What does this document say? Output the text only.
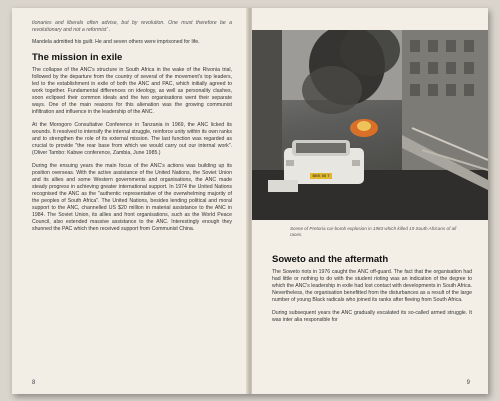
tionaries and liberals often advise, but by revolution. One must therefore be a revolutionary and not a reformist' .

Mandela admitted his guilt. He and seven others were imprisoned for life.

The mission in exile

The collapse of the ANC's structure in South Africa in the wake of the Rivonia trial, followed by the departure from the country of several of the movement's top leaders, led to the establishment in exile of both the ANC and PAC, which initially agreed to work together. Fundamental differences on ideology, as well as personality clashes, soon eclipsed their common ideals and the two organisations went their separate ways. One of the main reasons for this alienation was the growing communist infiltration and influence in the leadership of the ANC.

At the Morogoro Consultative Conference in Tanzania in 1969, the ANC licked its wounds. It resolved to intensify the internal struggle, reinforce unity within its own ranks and to strengthen the role of its external mission. The last function was regarded as crucial to provide "the rear base from which we would carry out our internal work". (Oliver Tambo: Kabwe conference, Zambia, June 1985.)

During the ensuing years the main focus of the ANC's actions was building up its position overseas. With the active assistance of the United Nations, the Soviet Union and its allies and some Western governments and organisations, the ANC made steady progress in achieving greater international support. In 1974 the United Nations recognised the ANC as the "authentic representative of the overwhelming majority of the peoples of South Africa". The United Nations, besides lending political and moral support to the ANC, channelled US $20 million in material assistance to the ANC in 1984. The Soviet Union, its allies and front organisations, such as the World Peace Council, also extended massive assistance to the ANC. Interestingly enough they shunned the PAC which then received support from Communist China.

8
BBS 55 T
Scene of Pretoria car-bomb explosion in 1983 which killed 19 South Africans of all races.
Soweto and the aftermath

The Soweto riots in 1976 caught the ANC off-guard. The fact that the organisation had had little or nothing to do with the student rioting was an indication of the degree to which the ANC's leadership in exile had lost contact with developments in South Africa. Nevertheless, the organisation benefitted from the disturbances as a result of the large number of young Black radicals who joined its ranks after fleeing from South Africa.

During subsequent years the ANC gradually escalated its so-called armed struggle. It was inter alia responsible for

9
